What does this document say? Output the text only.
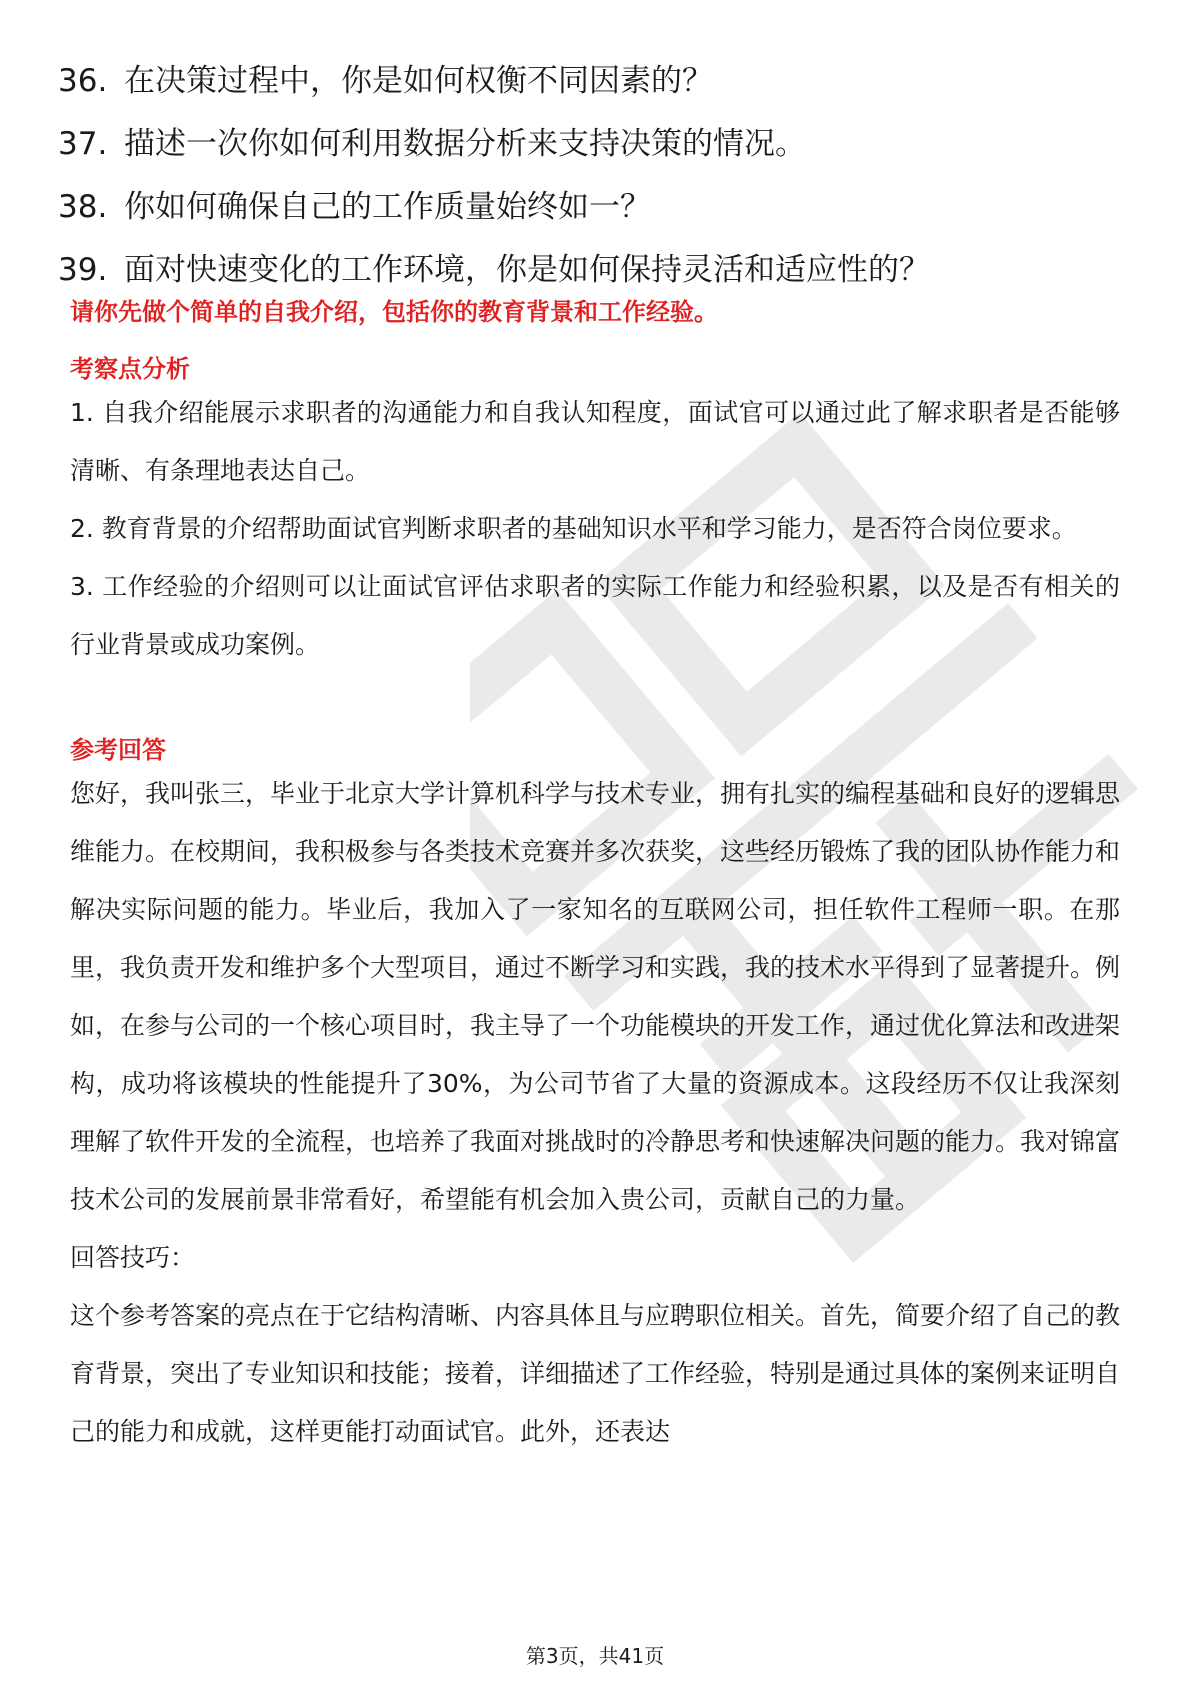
36. 在决策过程中，你是如何权衡不同因素的？
37. 描述一次你如何利用数据分析来支持决策的情况。
38. 你如何确保自己的工作质量始终如一？
39. 面对快速变化的工作环境，你是如何保持灵活和适应性的？
请你先做个简单的自我介绍，包括你的教育背景和工作经验。
考察点分析

1. 自我介绍能展示求职者的沟通能力和自我认知程度，面试官可以通过此了解求职者是否能够清晰、有条理地表达自己。

2. 教育背景的介绍帮助面试官判断求职者的基础知识水平和学习能力，是否符合岗位要求。

3. 工作经验的介绍则可以让面试官评估求职者的实际工作能力和经验积累，以及是否有相关的行业背景或成功案例。

参考回答

您好，我叫张三，毕业于北京大学计算机科学与技术专业，拥有扎实的编程基础和良好的逻辑思维能力。在校期间，我积极参与各类技术竞赛并多次获奖，这些经历锻炼了我的团队协作能力和解决实际问题的能力。毕业后，我加入了一家知名的互联网公司，担任软件工程师一职。在那里，我负责开发和维护多个大型项目，通过不断学习和实践，我的技术水平得到了显著提升。例如，在参与公司的一个核心项目时，我主导了一个功能模块的开发工作，通过优化算法和改进架构，成功将该模块的性能提升了30%，为公司节省了大量的资源成本。这段经历不仅让我深刻理解了软件开发的全流程，也培养了我面对挑战时的冷静思考和快速解决问题的能力。我对锦富技术公司的发展前景非常看好，希望能有机会加入贵公司，贡献自己的力量。

回答技巧：

这个参考答案的亮点在于它结构清晰、内容具体且与应聘职位相关。首先，简要介绍了自己的教育背景，突出了专业知识和技能；接着，详细描述了工作经验，特别是通过具体的案例来证明自己的能力和成就，这样更能打动面试官。此外，还表达

第3页，共41页
